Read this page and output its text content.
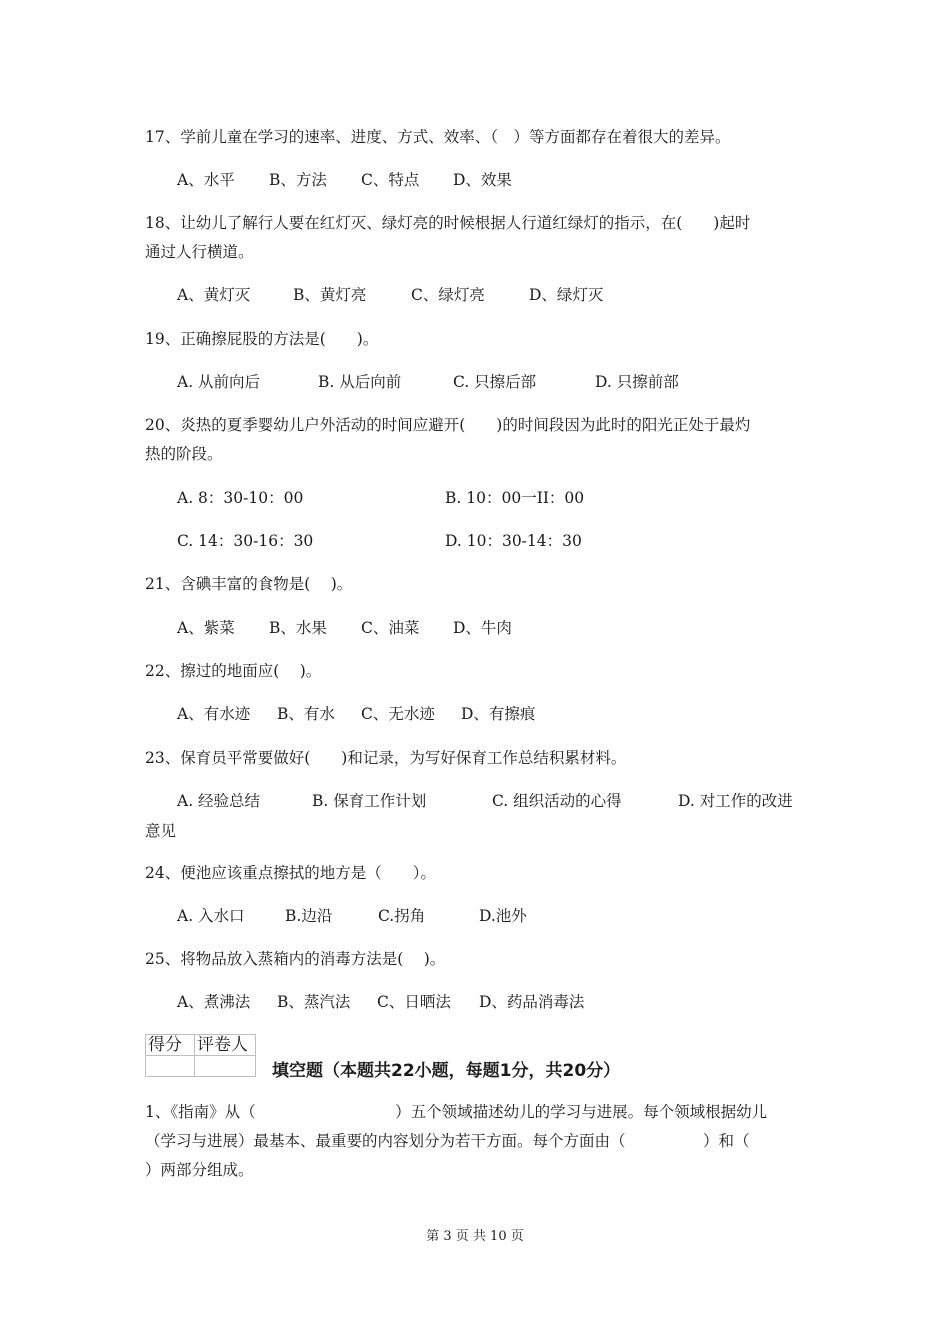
17、学前儿童在学习的速率、进度、方式、效率、（　）等方面都存在着很大的差异。
A、水平 B、方法 C、特点 D、效果
18、让幼儿了解行人要在红灯灭、绿灯亮的时候根据人行道红绿灯的指示，在(　　)起时
通过人行横道。
A、黄灯灭	B、黄灯亮	C、绿灯亮	D、绿灯灭
19、正确擦屁股的方法是(　　)。
A. 从前向后	B. 从后向前	C. 只擦后部	D. 只擦前部
20、炎热的夏季婴幼儿户外活动的时间应避开(　　)的时间段因为此时的阳光正处于最灼
热的阶段。
A. 8：30-10：00	B. 10：00一II：00
C. 14：30-16：30	D. 10：30-14：30
21、含碘丰富的食物是(　 )。
A、紫菜 B、水果 C、油菜 D、牛肉
22、擦过的地面应(　 )。
A、有水迹 B、有水 C、无水迹 D、有擦痕
23、保育员平常要做好(　　)和记录，为写好保育工作总结积累材料。
A. 经验总结	B. 保育工作计划	C. 组织活动的心得	D. 对工作的改进
意见
24、便池应该重点擦拭的地方是（　　）。
A. 入水口	B.边沿	C.拐角	D.池外
25、将物品放入蒸箱内的消毒方法是(　 )。
A、煮沸法 B、蒸汽法 C、日晒法 D、药品消毒法
得分	评卷人

填空题（本题共22小题，每题1分，共20分）
1、《指南》从（　　　　　　　　　）五个领域描述幼儿的学习与进展。每个领域根据幼儿
（学习与进展）最基本、最重要的内容划分为若干方面。每个方面由（　　　　　）和（
）两部分组成。
第 3 页 共 10 页
